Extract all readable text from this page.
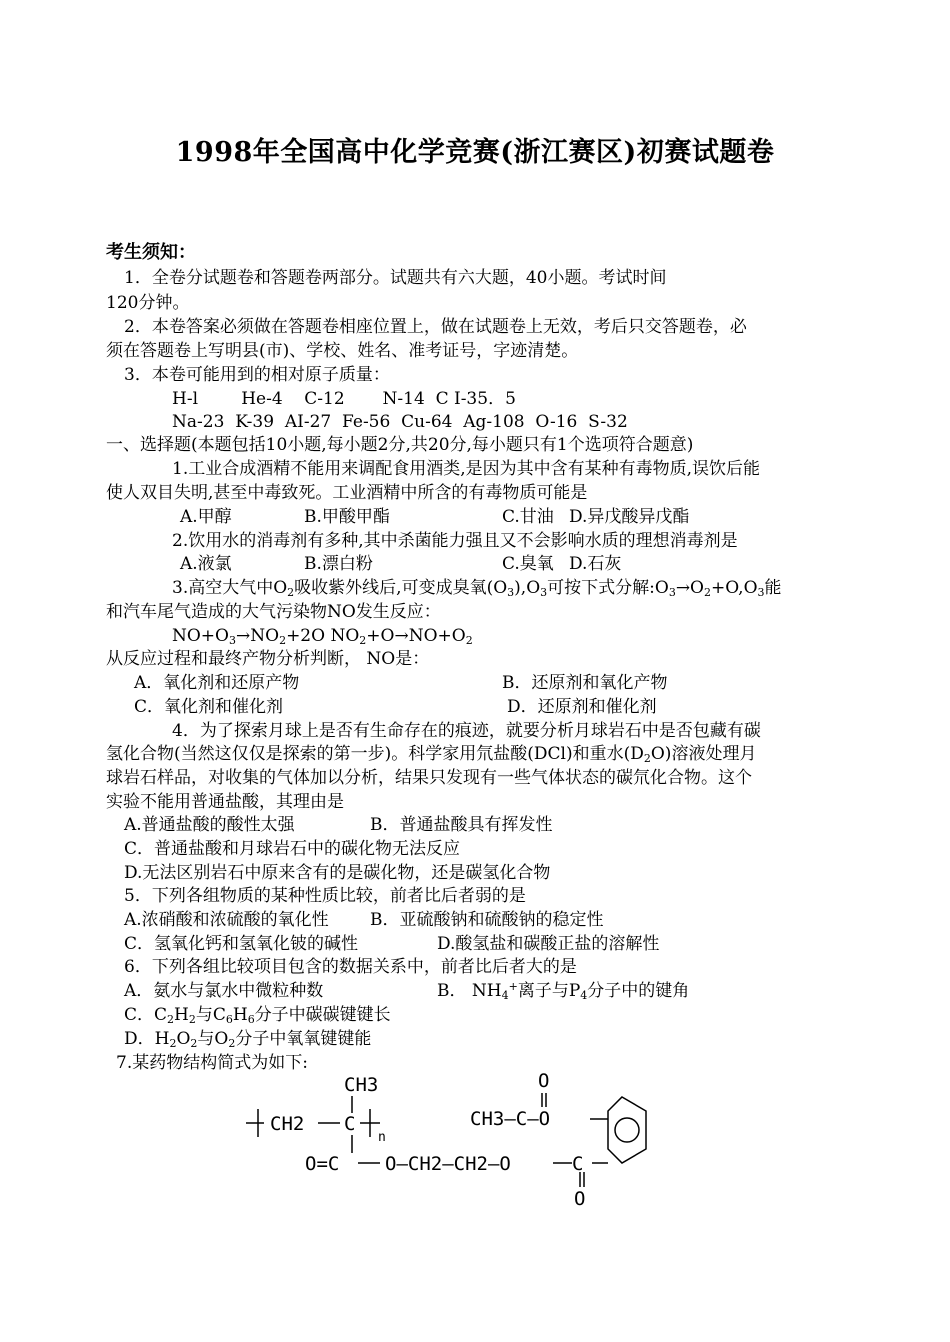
1998年全国高中化学竞赛(浙江赛区)初赛试题卷
考生须知：
1．全卷分试题卷和答题卷两部分。试题共有六大题，40小题。考试时间
120分钟。
2．本卷答案必须做在答题卷相座位置上，做在试题卷上无效，考后只交答题卷，必
须在答题卷上写明县(市)、学校、姓名、准考证号，字迹清楚。
3．本卷可能用到的相对原子质量：
H-l        He-4    C-12       N-14  C I-35．5
Na-23  K-39  AI-27  Fe-56  Cu-64  Ag-108  O-16  S-32
一、选择题(本题包括10小题,每小题2分,共20分,每小题只有1个选项符合题意)
1.工业合成酒精不能用来调配食用酒类,是因为其中含有某种有毒物质,误饮后能
使人双目失明,甚至中毒致死。工业酒精中所含的有毒物质可能是
A.甲醇	B.甲酸甲酯	C.甘油 D.异戊酸异戊酯
2.饮用水的消毒剂有多种,其中杀菌能力强且又不会影响水质的理想消毒剂是
A.液氯	B.漂白粉	C.臭氧 D.石灰
3.高空大气中$O_2$吸收紫外线后,可变成臭氧$(O_3),O_3$可按下式分解$:O_3\to O_2+O,O_3$能
和汽车尾气造成的大气污染物NO发生反应：
$NO+O_3\to NO_2+2O$ $NO_2+O\to NO+O_2$
从反应过程和最终产物分析判断， NO是：
A．氧化剂和还原产物	B．还原剂和氧化产物
C．氧化剂和催化剂	D．还原剂和催化剂
4．为了探索月球上是否有生命存在的痕迹，就要分析月球岩石中是否包藏有碳
氢化合物(当然这仅仅是探索的第一步)。科学家用氘盐酸(DCl)和重水$(D_2O)$溶液处理月
球岩石样品，对收集的气体加以分析，结果只发现有一些气体状态的碳氘化合物。这个
实验不能用普通盐酸，其理由是
A.普通盐酸的酸性太强	B．普通盐酸具有挥发性
C．普通盐酸和月球岩石中的碳化物无法反应
D.无法区别岩石中原来含有的是碳化物，还是碳氢化合物
5．下列各组物质的某种性质比较，前者比后者弱的是
A.浓硝酸和浓硫酸的氧化性 B．亚硫酸钠和硫酸钠的稳定性
C．氢氧化钙和氢氧化铍的碱性	D.酸氢盐和碳酸正盐的溶解性
6．下列各组比较项目包含的数据关系中，前者比后者大的是
A．氨水与氯水中微粒种数	B． $NH_4^+$离子与$P_4$分子中的键角
C．$C_2H_2$与$C_6H_6$分子中碳碳键键长
D．$H_2O_2$与$O_2$分子中氧氧键键能
7.某药物结构简式为如下:
CH3
CH2 C
n
O=C O—CH2—CH2—O	C
O
O
CH3—C—O
